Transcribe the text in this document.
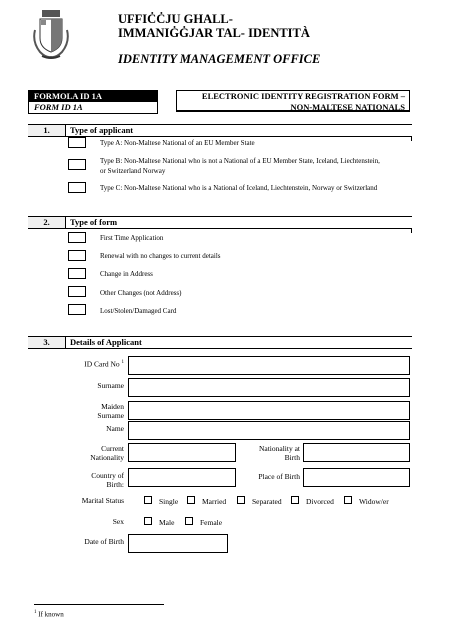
UFFIĊĊJU GHALL-
IMMANIĠĠJAR TAL- IDENTITÀ
IDENTITY MANAGEMENT OFFICE
FORMOLA ID 1A
FORM ID 1A
ELECTRONIC IDENTITY REGISTRATION FORM –
NON-MALTESE NATIONALS
1.	Type of applicant
Type A: Non-Maltese National of an EU Member State
Type B: Non-Maltese National who is not a National of a EU Member State, Iceland, Liechtenstein,
or Switzerland Norway
Type C: Non-Maltese National who is a National of Iceland, Liechtenstein, Norway or Switzerland
2.	Type of form
First Time Application
Renewal with no changes to current details
Change in Address
Other Changes (not Address)
Lost/Stolen/Damaged Card
3.	Details of Applicant
ID Card No $^1$
Surname
Maiden
Surname
Name
Current
Nationality
Nationality at
Birth
Country of
Birth:
Place of Birth
Marital Status	Single	Married	Separated	Divorced	Widow/er
Sex	Male	Female
Date of Birth
$^1$ If known
